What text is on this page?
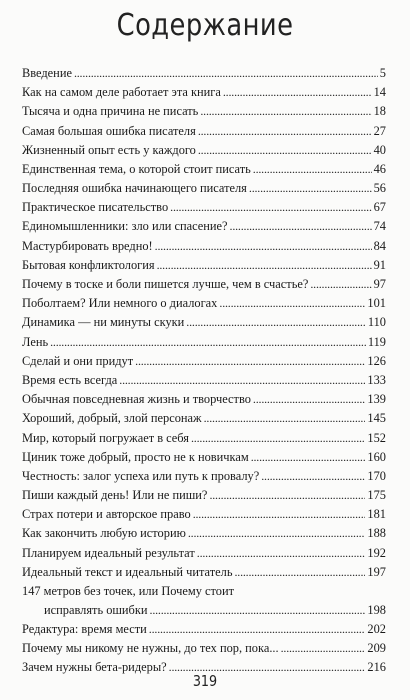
Содержание
Введение . . .	5
Как на самом деле работает эта книга . . .	14
Тысяча и одна причина не писать . . .	18
Самая большая ошибка писателя . . .	27
Жизненный опыт есть у каждого . . .	40
Единственная тема, о которой стоит писать . . .	46
Последняя ошибка начинающего писателя . . .	56
Практическое писательство . . .	67
Единомышленники: зло или спасение? . . .	74
Мастурбировать вредно! . . .	84
Бытовая конфликтология . . .	91
Почему в тоске и боли пишется лучше, чем в счастье? . . .	97
Поболтаем? Или немного о диалогах . . .	101
Динамика — ни минуты скуки . . .	110
Лень . . .	119
Сделай и они придут . . .	126
Время есть всегда . . .	133
Обычная повседневная жизнь и творчество . . .	139
Хороший, добрый, злой персонаж . . .	145
Мир, который погружает в себя . . .	152
Циник тоже добрый, просто не к новичкам . . .	160
Честность: залог успеха или путь к провалу? . . .	170
Пиши каждый день! Или не пиши? . . .	175
Страх потери и авторское право . . .	181
Как закончить любую историю . . .	188
Планируем идеальный результат . . .	192
Идеальный текст и идеальный читатель . . .	197
147 метров без точек, или Почему стоит
исправлять ошибки . . .	198
Редактура: время мести . . .	202
Почему мы никому не нужны, до тех пор, пока... . . .	209
Зачем нужны бета-ридеры? . . .	216
319
